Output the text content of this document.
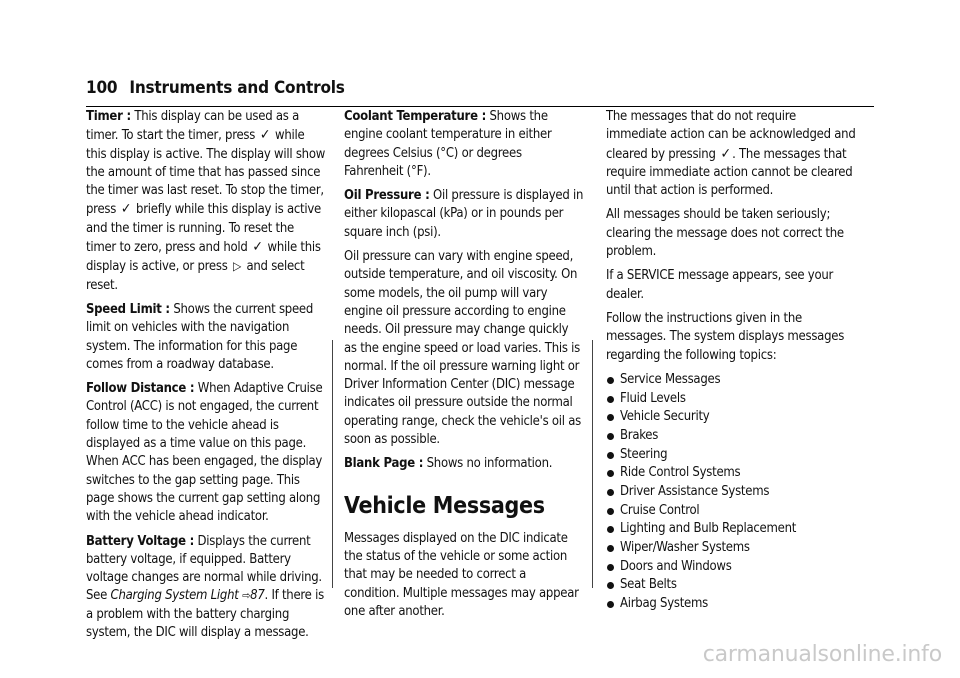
100 Instruments and Controls

Timer : This display can be used as a timer. To start the timer, press ✓ while this display is active. The display will show the amount of time that has passed since the timer was last reset. To stop the timer, press ✓ briefly while this display is active and the timer is running. To reset the timer to zero, press and hold ✓ while this display is active, or press ▷ and select reset.

Speed Limit : Shows the current speed limit on vehicles with the navigation system. The information for this page comes from a roadway database.

Follow Distance : When Adaptive Cruise Control (ACC) is not engaged, the current follow time to the vehicle ahead is displayed as a time value on this page. When ACC has been engaged, the display switches to the gap setting page. This page shows the current gap setting along with the vehicle ahead indicator.

Battery Voltage : Displays the current battery voltage, if equipped. Battery voltage changes are normal while driving. See Charging System Light ⇨87. If there is a problem with the battery charging system, the DIC will display a message.

Coolant Temperature : Shows the engine coolant temperature in either degrees Celsius (°C) or degrees Fahrenheit (°F).

Oil Pressure : Oil pressure is displayed in either kilopascal (kPa) or in pounds per square inch (psi).

Oil pressure can vary with engine speed, outside temperature, and oil viscosity. On some models, the oil pump will vary engine oil pressure according to engine needs. Oil pressure may change quickly as the engine speed or load varies. This is normal. If the oil pressure warning light or Driver Information Center (DIC) message indicates oil pressure outside the normal operating range, check the vehicle's oil as soon as possible.

Blank Page : Shows no information.

Vehicle Messages

Messages displayed on the DIC indicate the status of the vehicle or some action that may be needed to correct a condition. Multiple messages may appear one after another.

The messages that do not require immediate action can be acknowledged and cleared by pressing ✓. The messages that require immediate action cannot be cleared until that action is performed.

All messages should be taken seriously; clearing the message does not correct the problem.

If a SERVICE message appears, see your dealer.

Follow the instructions given in the messages. The system displays messages regarding the following topics:

Service Messages
Fluid Levels
Vehicle Security
Brakes
Steering
Ride Control Systems
Driver Assistance Systems
Cruise Control
Lighting and Bulb Replacement
Wiper/Washer Systems
Doors and Windows
Seat Belts
Airbag Systems
carmanualsonline.info
